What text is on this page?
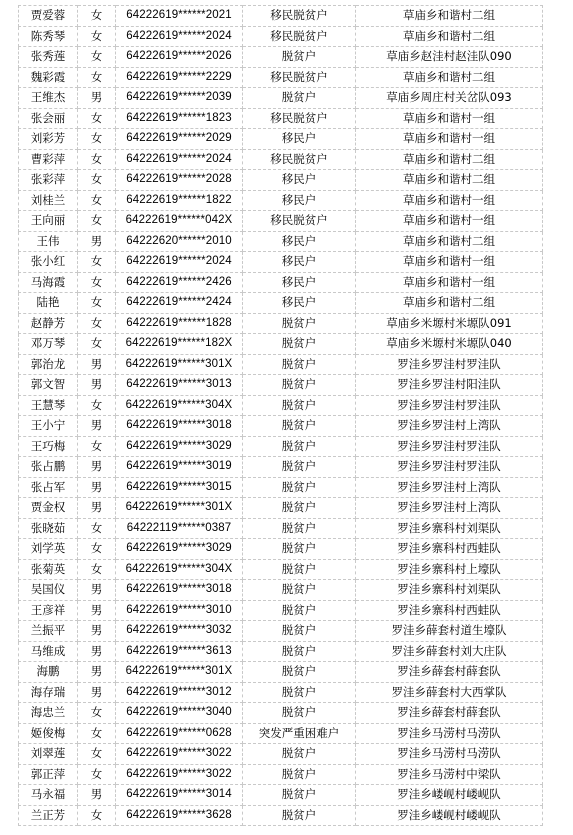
贾爱蓉	女	64222619******2021	移民脱贫户	草庙乡和谐村二组
陈秀琴	女	64222619******2024	移民脱贫户	草庙乡和谐村二组
张秀莲	女	64222619******2026	脱贫户	草庙乡赵洼村赵洼队090
魏彩霞	女	64222619******2229	移民脱贫户	草庙乡和谐村二组
王维杰	男	64222619******2039	脱贫户	草庙乡周庄村关岔队093
张会丽	女	64222619******1823	移民脱贫户	草庙乡和谐村一组
刘彩芳	女	64222619******2029	移民户	草庙乡和谐村一组
曹彩萍	女	64222619******2024	移民脱贫户	草庙乡和谐村二组
张彩萍	女	64222619******2028	移民户	草庙乡和谐村二组
刘桂兰	女	64222619******1822	移民户	草庙乡和谐村一组
王向丽	女	64222619******042X	移民脱贫户	草庙乡和谐村一组
王伟	男	64222620******2010	移民户	草庙乡和谐村二组
张小红	女	64222619******2024	移民户	草庙乡和谐村一组
马海霞	女	64222619******2426	移民户	草庙乡和谐村一组
陆艳	女	64222619******2424	移民户	草庙乡和谐村二组
赵静芳	女	64222619******1828	脱贫户	草庙乡米塬村米塬队091
邓万琴	女	64222619******182X	脱贫户	草庙乡米塬村米塬队040
郭治龙	男	64222619******301X	脱贫户	罗洼乡罗洼村罗洼队
郭文智	男	64222619******3013	脱贫户	罗洼乡罗洼村阳洼队
王慧琴	女	64222619******304X	脱贫户	罗洼乡罗洼村罗洼队
王小宁	男	64222619******3018	脱贫户	罗洼乡罗洼村上湾队
王巧梅	女	64222619******3029	脱贫户	罗洼乡罗洼村罗洼队
张占鹏	男	64222619******3019	脱贫户	罗洼乡罗洼村罗洼队
张占军	男	64222619******3015	脱贫户	罗洼乡罗洼村上湾队
贾金权	男	64222619******301X	脱贫户	罗洼乡罗洼村上湾队
张晓茹	女	64222119******0387	脱贫户	罗洼乡寨科村刘渠队
刘学英	女	64222619******3029	脱贫户	罗洼乡寨科村西蛙队
张菊英	女	64222619******304X	脱贫户	罗洼乡寨科村上壕队
吴国仪	男	64222619******3018	脱贫户	罗洼乡寨科村刘渠队
王彦祥	男	64222619******3010	脱贫户	罗洼乡寨科村西蛙队
兰振平	男	64222619******3032	脱贫户	罗洼乡薛套村道生壕队
马维成	男	64222619******3613	脱贫户	罗洼乡薛套村刘大庄队
海鹏	男	64222619******301X	脱贫户	罗洼乡薛套村薛套队
海存瑞	男	64222619******3012	脱贫户	罗洼乡薛套村大西掌队
海忠兰	女	64222619******3040	脱贫户	罗洼乡薛套村薛套队
姬俊梅	女	64222619******0628	突发严重困难户	罗洼乡马涝村马涝队
刘翠莲	女	64222619******3022	脱贫户	罗洼乡马涝村马涝队
郭正萍	女	64222619******3022	脱贫户	罗洼乡马涝村中梁队
马永福	男	64222619******3014	脱贫户	罗洼乡嵝岘村嵝岘队
兰正芳	女	64222619******3628	脱贫户	罗洼乡嵝岘村嵝岘队
